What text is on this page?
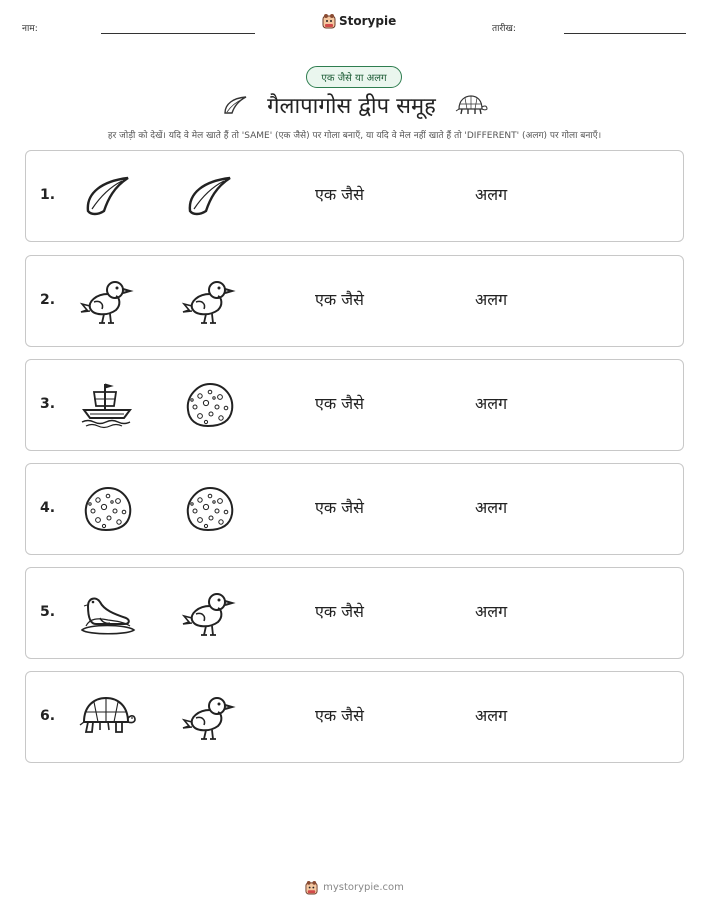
नाम:
Storypie
तारीख:
एक जैसे या अलग
गैलापागोस द्वीप समूह
हर जोड़ी को देखें। यदि वे मेल खाते हैं तो 'SAME' (एक जैसे) पर गोला बनाएँ, या यदि वे मेल नहीं खाते हैं तो 'DIFFERENT' (अलग) पर गोला बनाएँ।
1.	एक जैसे	अलग
2.	एक जैसे	अलग
3.	एक जैसे	अलग
4.	एक जैसे	अलग
5.	एक जैसे	अलग
6.	एक जैसे	अलग
mystorypie.com
